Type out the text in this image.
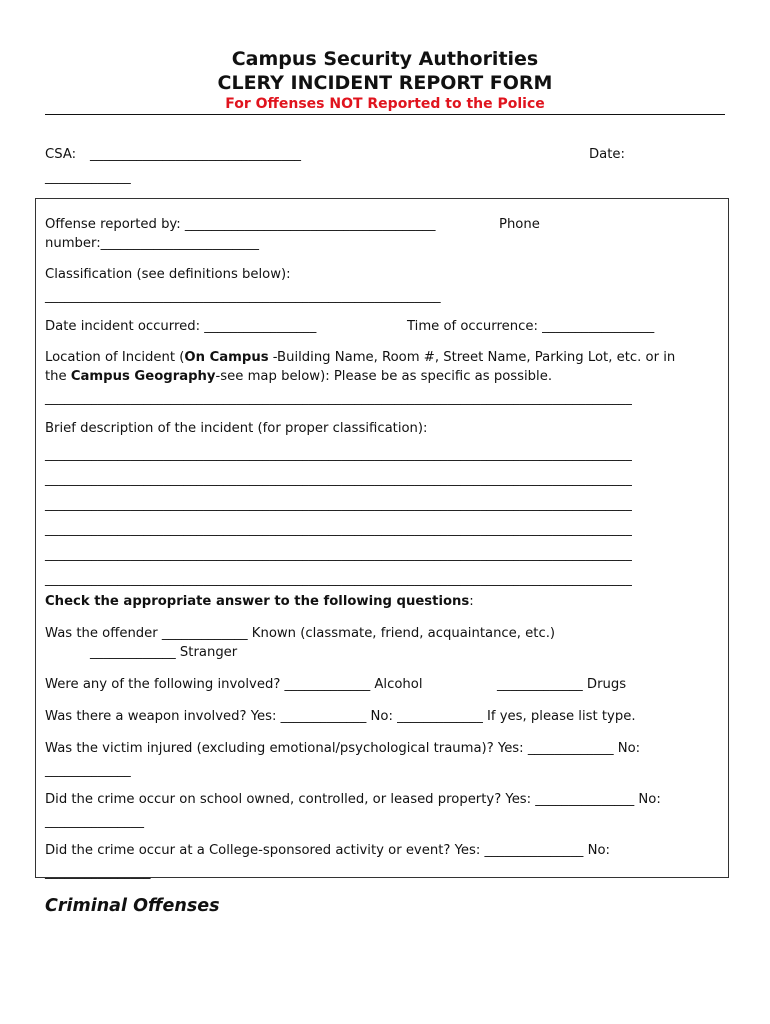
Campus Security Authorities
CLERY INCIDENT REPORT FORM
For Offenses NOT Reported to the Police
CSA: ________________________________	Date:
_____________
Offense reported by: ______________________________________	Phone
number:________________________
Classification (see definitions below):
____________________________________________________________
Date incident occurred: _________________	Time of occurrence: _________________
Location of Incident (On Campus -Building Name, Room #, Street Name, Parking Lot, etc. or in
the Campus Geography-see map below): Please be as specific as possible.
_________________________________________________________________________________________
Brief description of the incident (for proper classification):
_________________________________________________________________________________________
_________________________________________________________________________________________
_________________________________________________________________________________________
_________________________________________________________________________________________
_________________________________________________________________________________________
_________________________________________________________________________________________
Check the appropriate answer to the following questions:
Was the offender _____________ Known (classmate, friend, acquaintance, etc.)
_____________ Stranger
Were any of the following involved? _____________ Alcohol	_____________ Drugs
Was there a weapon involved? Yes: _____________ No: _____________ If yes, please list type.
Was the victim injured (excluding emotional/psychological trauma)? Yes: _____________ No:
_____________
Did the crime occur on school owned, controlled, or leased property? Yes: _______________ No:
_______________
Did the crime occur at a College-sponsored activity or event? Yes: _______________ No:
________________
Criminal Offenses
